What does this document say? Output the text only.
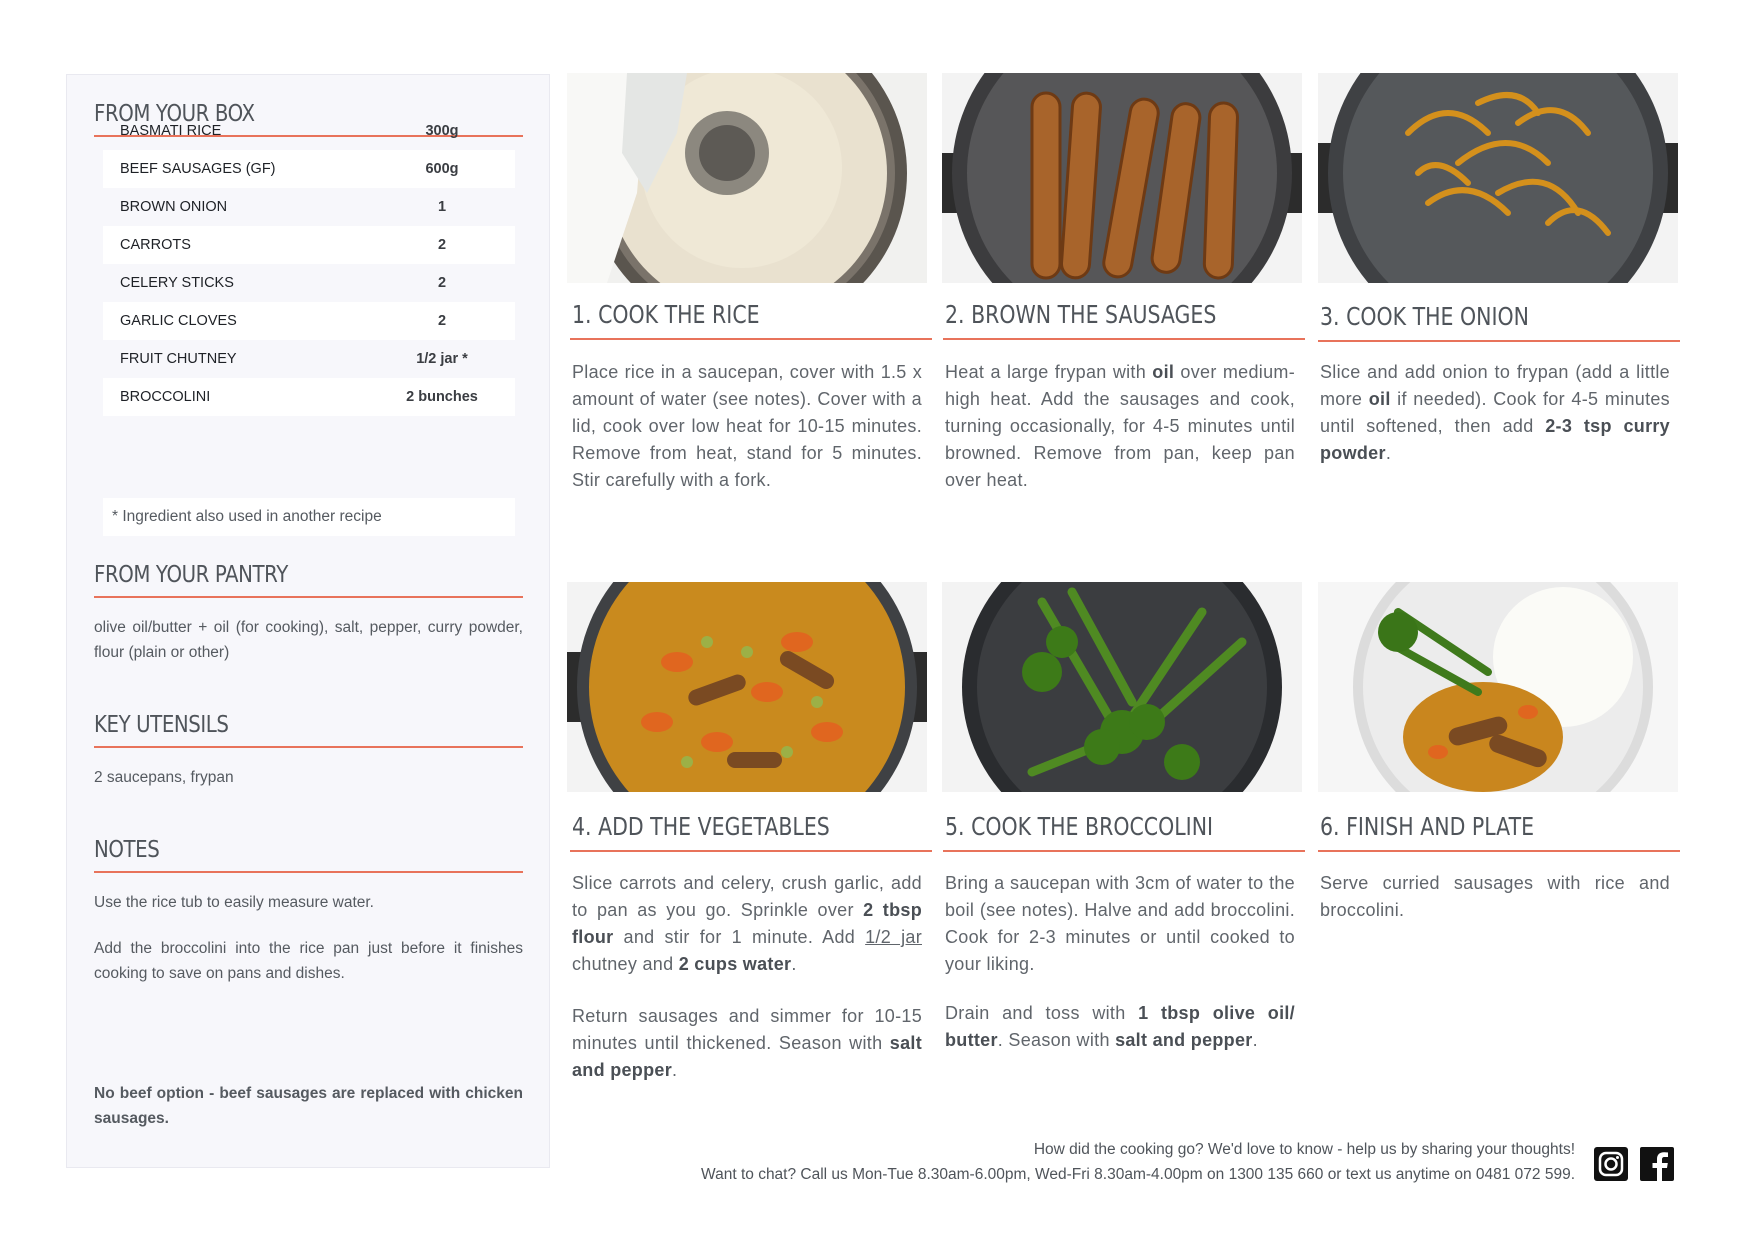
FROM YOUR BOX
BASMATI RICE	300g
BEEF SAUSAGES (GF)	600g
BROWN ONION	1
CARROTS	2
CELERY STICKS	2
GARLIC CLOVES	2
FRUIT CHUTNEY	1/2 jar *
BROCCOLINI	2 bunches
* Ingredient also used in another recipe
FROM YOUR PANTRY

olive oil/butter + oil (for cooking), salt, pepper, curry powder, flour (plain or other)

KEY UTENSILS

2 saucepans, frypan

NOTES

Use the rice tub to easily measure water.

Add the broccolini into the rice pan just before it finishes cooking to save on pans and dishes.

No beef option - beef sausages are replaced with chicken sausages.

1. COOK THE RICE

Place rice in a saucepan, cover with 1.5 x amount of water (see notes). Cover with a lid, cook over low heat for 10-15 minutes. Remove from heat, stand for 5 minutes. Stir carefully with a fork.

2. BROWN THE SAUSAGES

Heat a large frypan with oil over medium-high heat. Add the sausages and cook, turning occasionally, for 4-5 minutes until browned. Remove from pan, keep pan over heat.

3. COOK THE ONION

Slice and add onion to frypan (add a little more oil if needed). Cook for 4-5 minutes until softened, then add 2-3 tsp curry powder.

4. ADD THE VEGETABLES

Slice carrots and celery, crush garlic, add to pan as you go. Sprinkle over 2 tbsp flour and stir for 1 minute. Add 1/2 jar chutney and 2 cups water.

Return sausages and simmer for 10-15 minutes until thickened. Season with salt and pepper.

5. COOK THE BROCCOLINI

Bring a saucepan with 3cm of water to the boil (see notes). Halve and add broccolini. Cook for 2-3 minutes or until cooked to your liking.

Drain and toss with 1 tbsp olive oil/ butter. Season with salt and pepper.

6. FINISH AND PLATE

Serve curried sausages with rice and broccolini.

How did the cooking go? We'd love to know - help us by sharing your thoughts!
Want to chat? Call us Mon-Tue 8.30am-6.00pm, Wed-Fri 8.30am-4.00pm on 1300 135 660 or text us anytime on 0481 072 599.
